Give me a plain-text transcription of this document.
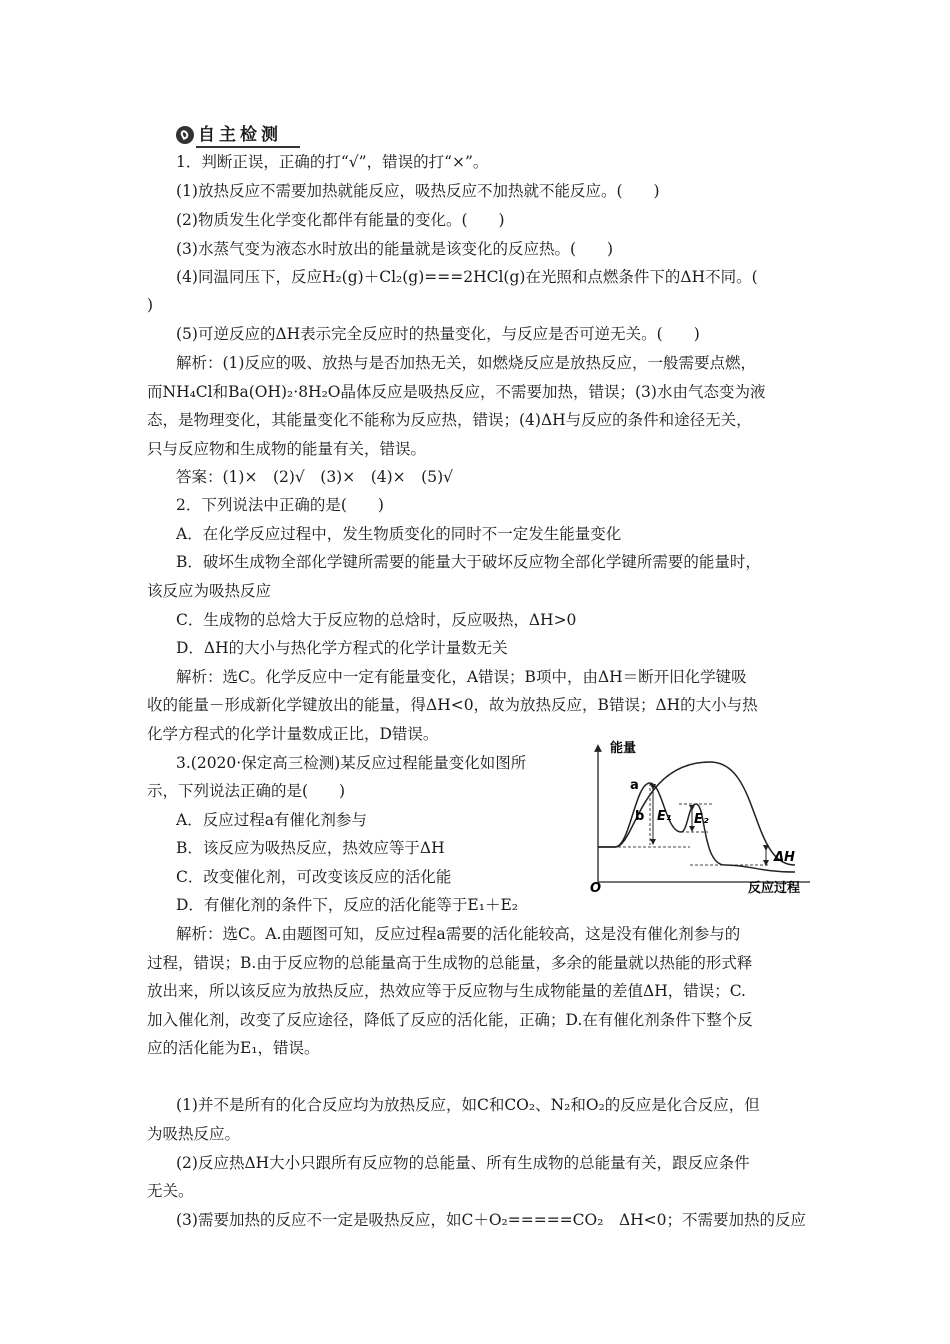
自主检测
1．判断正误，正确的打“√”，错误的打“×”。
(1)放热反应不需要加热就能反应，吸热反应不加热就不能反应。(　　)
(2)物质发生化学变化都伴有能量的变化。(　　)
(3)水蒸气变为液态水时放出的能量就是该变化的反应热。(　　)
(4)同温同压下，反应H₂(g)＋Cl₂(g)===2HCl(g)在光照和点燃条件下的ΔH不同。(
)
(5)可逆反应的ΔH表示完全反应时的热量变化，与反应是否可逆无关。(　　)
解析：(1)反应的吸、放热与是否加热无关，如燃烧反应是放热反应，一般需要点燃，
而NH₄Cl和Ba(OH)₂·8H₂O晶体反应是吸热反应，不需要加热，错误；(3)水由气态变为液
态，是物理变化，其能量变化不能称为反应热，错误；(4)ΔH与反应的条件和途径无关，
只与反应物和生成物的能量有关，错误。
答案：(1)×　(2)√　(3)×　(4)×　(5)√
2．下列说法中正确的是(　　)
A．在化学反应过程中，发生物质变化的同时不一定发生能量变化
B．破坏生成物全部化学键所需要的能量大于破坏反应物全部化学键所需要的能量时，
该反应为吸热反应
C．生成物的总焓大于反应物的总焓时，反应吸热，ΔH>0
D．ΔH的大小与热化学方程式的化学计量数无关
解析：选C。化学反应中一定有能量变化，A错误；B项中，由ΔH＝断开旧化学键吸
收的能量－形成新化学键放出的能量，得ΔH<0，故为放热反应，B错误；ΔH的大小与热
化学方程式的化学计量数成正比，D错误。
3.(2020·保定高三检测)某反应过程能量变化如图所
示，下列说法正确的是(　　)
A．反应过程a有催化剂参与
B．该反应为吸热反应，热效应等于ΔH
C．改变催化剂，可改变该反应的活化能
D．有催化剂的条件下，反应的活化能等于E₁＋E₂
解析：选C。A.由题图可知，反应过程a需要的活化能较高，这是没有催化剂参与的
过程，错误；B.由于反应物的总能量高于生成物的总能量，多余的能量就以热能的形式释
放出来，所以该反应为放热反应，热效应等于反应物与生成物能量的差值ΔH，错误；C.
加入催化剂，改变了反应途径，降低了反应的活化能，正确；D.在有催化剂条件下整个反
应的活化能为E₁，错误。
(1)并不是所有的化合反应均为放热反应，如C和CO₂、N₂和O₂的反应是化合反应，但
为吸热反应。
(2)反应热ΔH大小只跟所有反应物的总能量、所有生成物的总能量有关，跟反应条件
无关。
(3)需要加热的反应不一定是吸热反应，如C＋O₂=====CO₂　ΔH<0；不需要加热的反应
能量
O	反应过程
a
b E₁ E₂
ΔH
